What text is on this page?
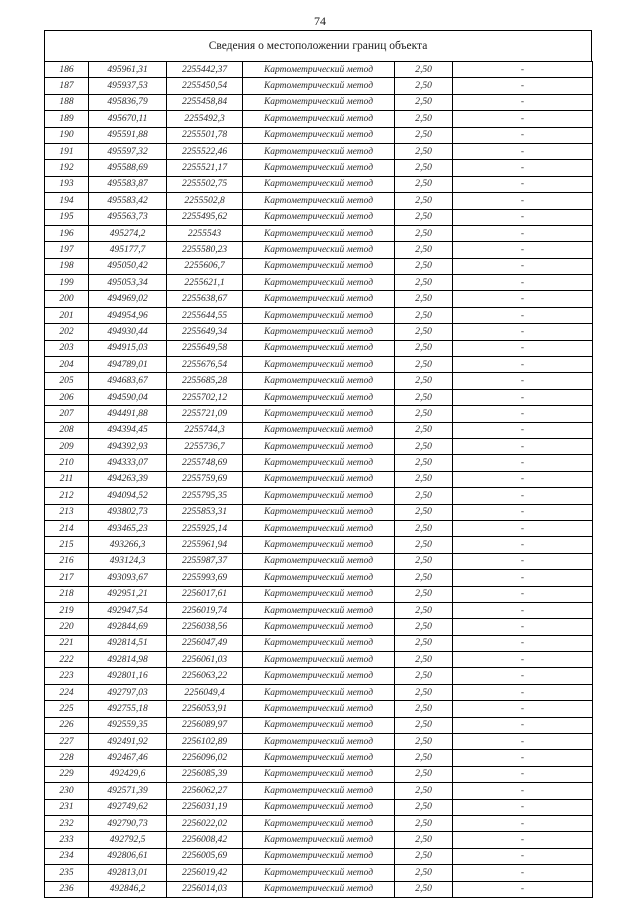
74
Сведения о местоположении границ объекта
186	495961,31	2255442,37	Картометрический метод	2,50	-
187	495937,53	2255450,54	Картометрический метод	2,50	-
188	495836,79	2255458,84	Картометрический метод	2,50	-
189	495670,11	2255492,3	Картометрический метод	2,50	-
190	495591,88	2255501,78	Картометрический метод	2,50	-
191	495597,32	2255522,46	Картометрический метод	2,50	-
192	495588,69	2255521,17	Картометрический метод	2,50	-
193	495583,87	2255502,75	Картометрический метод	2,50	-
194	495583,42	2255502,8	Картометрический метод	2,50	-
195	495563,73	2255495,62	Картометрический метод	2,50	-
196	495274,2	2255543	Картометрический метод	2,50	-
197	495177,7	2255580,23	Картометрический метод	2,50	-
198	495050,42	2255606,7	Картометрический метод	2,50	-
199	495053,34	2255621,1	Картометрический метод	2,50	-
200	494969,02	2255638,67	Картометрический метод	2,50	-
201	494954,96	2255644,55	Картометрический метод	2,50	-
202	494930,44	2255649,34	Картометрический метод	2,50	-
203	494915,03	2255649,58	Картометрический метод	2,50	-
204	494789,01	2255676,54	Картометрический метод	2,50	-
205	494683,67	2255685,28	Картометрический метод	2,50	-
206	494590,04	2255702,12	Картометрический метод	2,50	-
207	494491,88	2255721,09	Картометрический метод	2,50	-
208	494394,45	2255744,3	Картометрический метод	2,50	-
209	494392,93	2255736,7	Картометрический метод	2,50	-
210	494333,07	2255748,69	Картометрический метод	2,50	-
211	494263,39	2255759,69	Картометрический метод	2,50	-
212	494094,52	2255795,35	Картометрический метод	2,50	-
213	493802,73	2255853,31	Картометрический метод	2,50	-
214	493465,23	2255925,14	Картометрический метод	2,50	-
215	493266,3	2255961,94	Картометрический метод	2,50	-
216	493124,3	2255987,37	Картометрический метод	2,50	-
217	493093,67	2255993,69	Картометрический метод	2,50	-
218	492951,21	2256017,61	Картометрический метод	2,50	-
219	492947,54	2256019,74	Картометрический метод	2,50	-
220	492844,69	2256038,56	Картометрический метод	2,50	-
221	492814,51	2256047,49	Картометрический метод	2,50	-
222	492814,98	2256061,03	Картометрический метод	2,50	-
223	492801,16	2256063,22	Картометрический метод	2,50	-
224	492797,03	2256049,4	Картометрический метод	2,50	-
225	492755,18	2256053,91	Картометрический метод	2,50	-
226	492559,35	2256089,97	Картометрический метод	2,50	-
227	492491,92	2256102,89	Картометрический метод	2,50	-
228	492467,46	2256096,02	Картометрический метод	2,50	-
229	492429,6	2256085,39	Картометрический метод	2,50	-
230	492571,39	2256062,27	Картометрический метод	2,50	-
231	492749,62	2256031,19	Картометрический метод	2,50	-
232	492790,73	2256022,02	Картометрический метод	2,50	-
233	492792,5	2256008,42	Картометрический метод	2,50	-
234	492806,61	2256005,69	Картометрический метод	2,50	-
235	492813,01	2256019,42	Картометрический метод	2,50	-
236	492846,2	2256014,03	Картометрический метод	2,50	-
